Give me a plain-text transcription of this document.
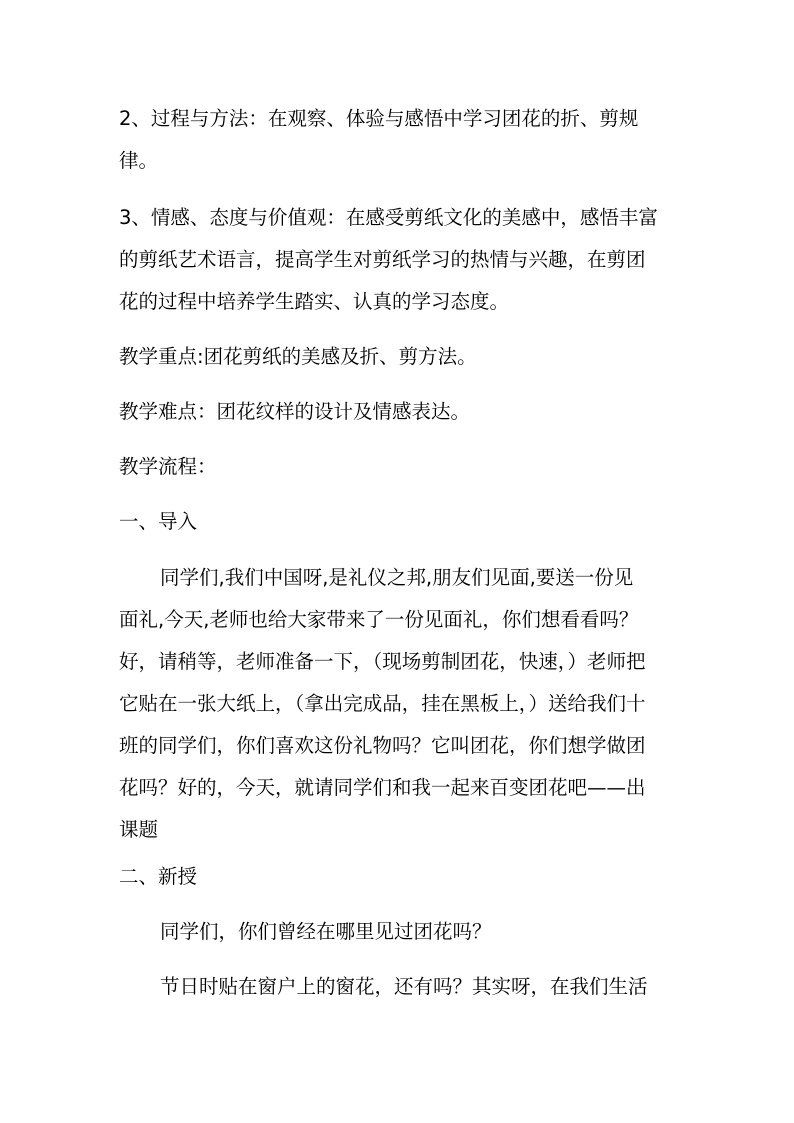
2、过程与方法：在观察、体验与感悟中学习团花的折、剪规
律。
3、情感、态度与价值观：在感受剪纸文化的美感中，感悟丰富
的剪纸艺术语言，提高学生对剪纸学习的热情与兴趣，在剪团
花的过程中培养学生踏实、认真的学习态度。
教学重点:团花剪纸的美感及折、剪方法。
教学难点：团花纹样的设计及情感表达。
教学流程：
一、导入
同学们,我们中国呀,是礼仪之邦,朋友们见面,要送一份见
面礼,今天,老师也给大家带来了一份见面礼，你们想看看吗？
好，请稍等，老师准备一下，（现场剪制团花，快速，）老师把
它贴在一张大纸上，（拿出完成品，挂在黑板上，）送给我们十
班的同学们，你们喜欢这份礼物吗？它叫团花，你们想学做团
花吗？好的，今天，就请同学们和我一起来百变团花吧——出
课题
二、新授
同学们，你们曾经在哪里见过团花吗？
节日时贴在窗户上的窗花，还有吗？其实呀，在我们生活
